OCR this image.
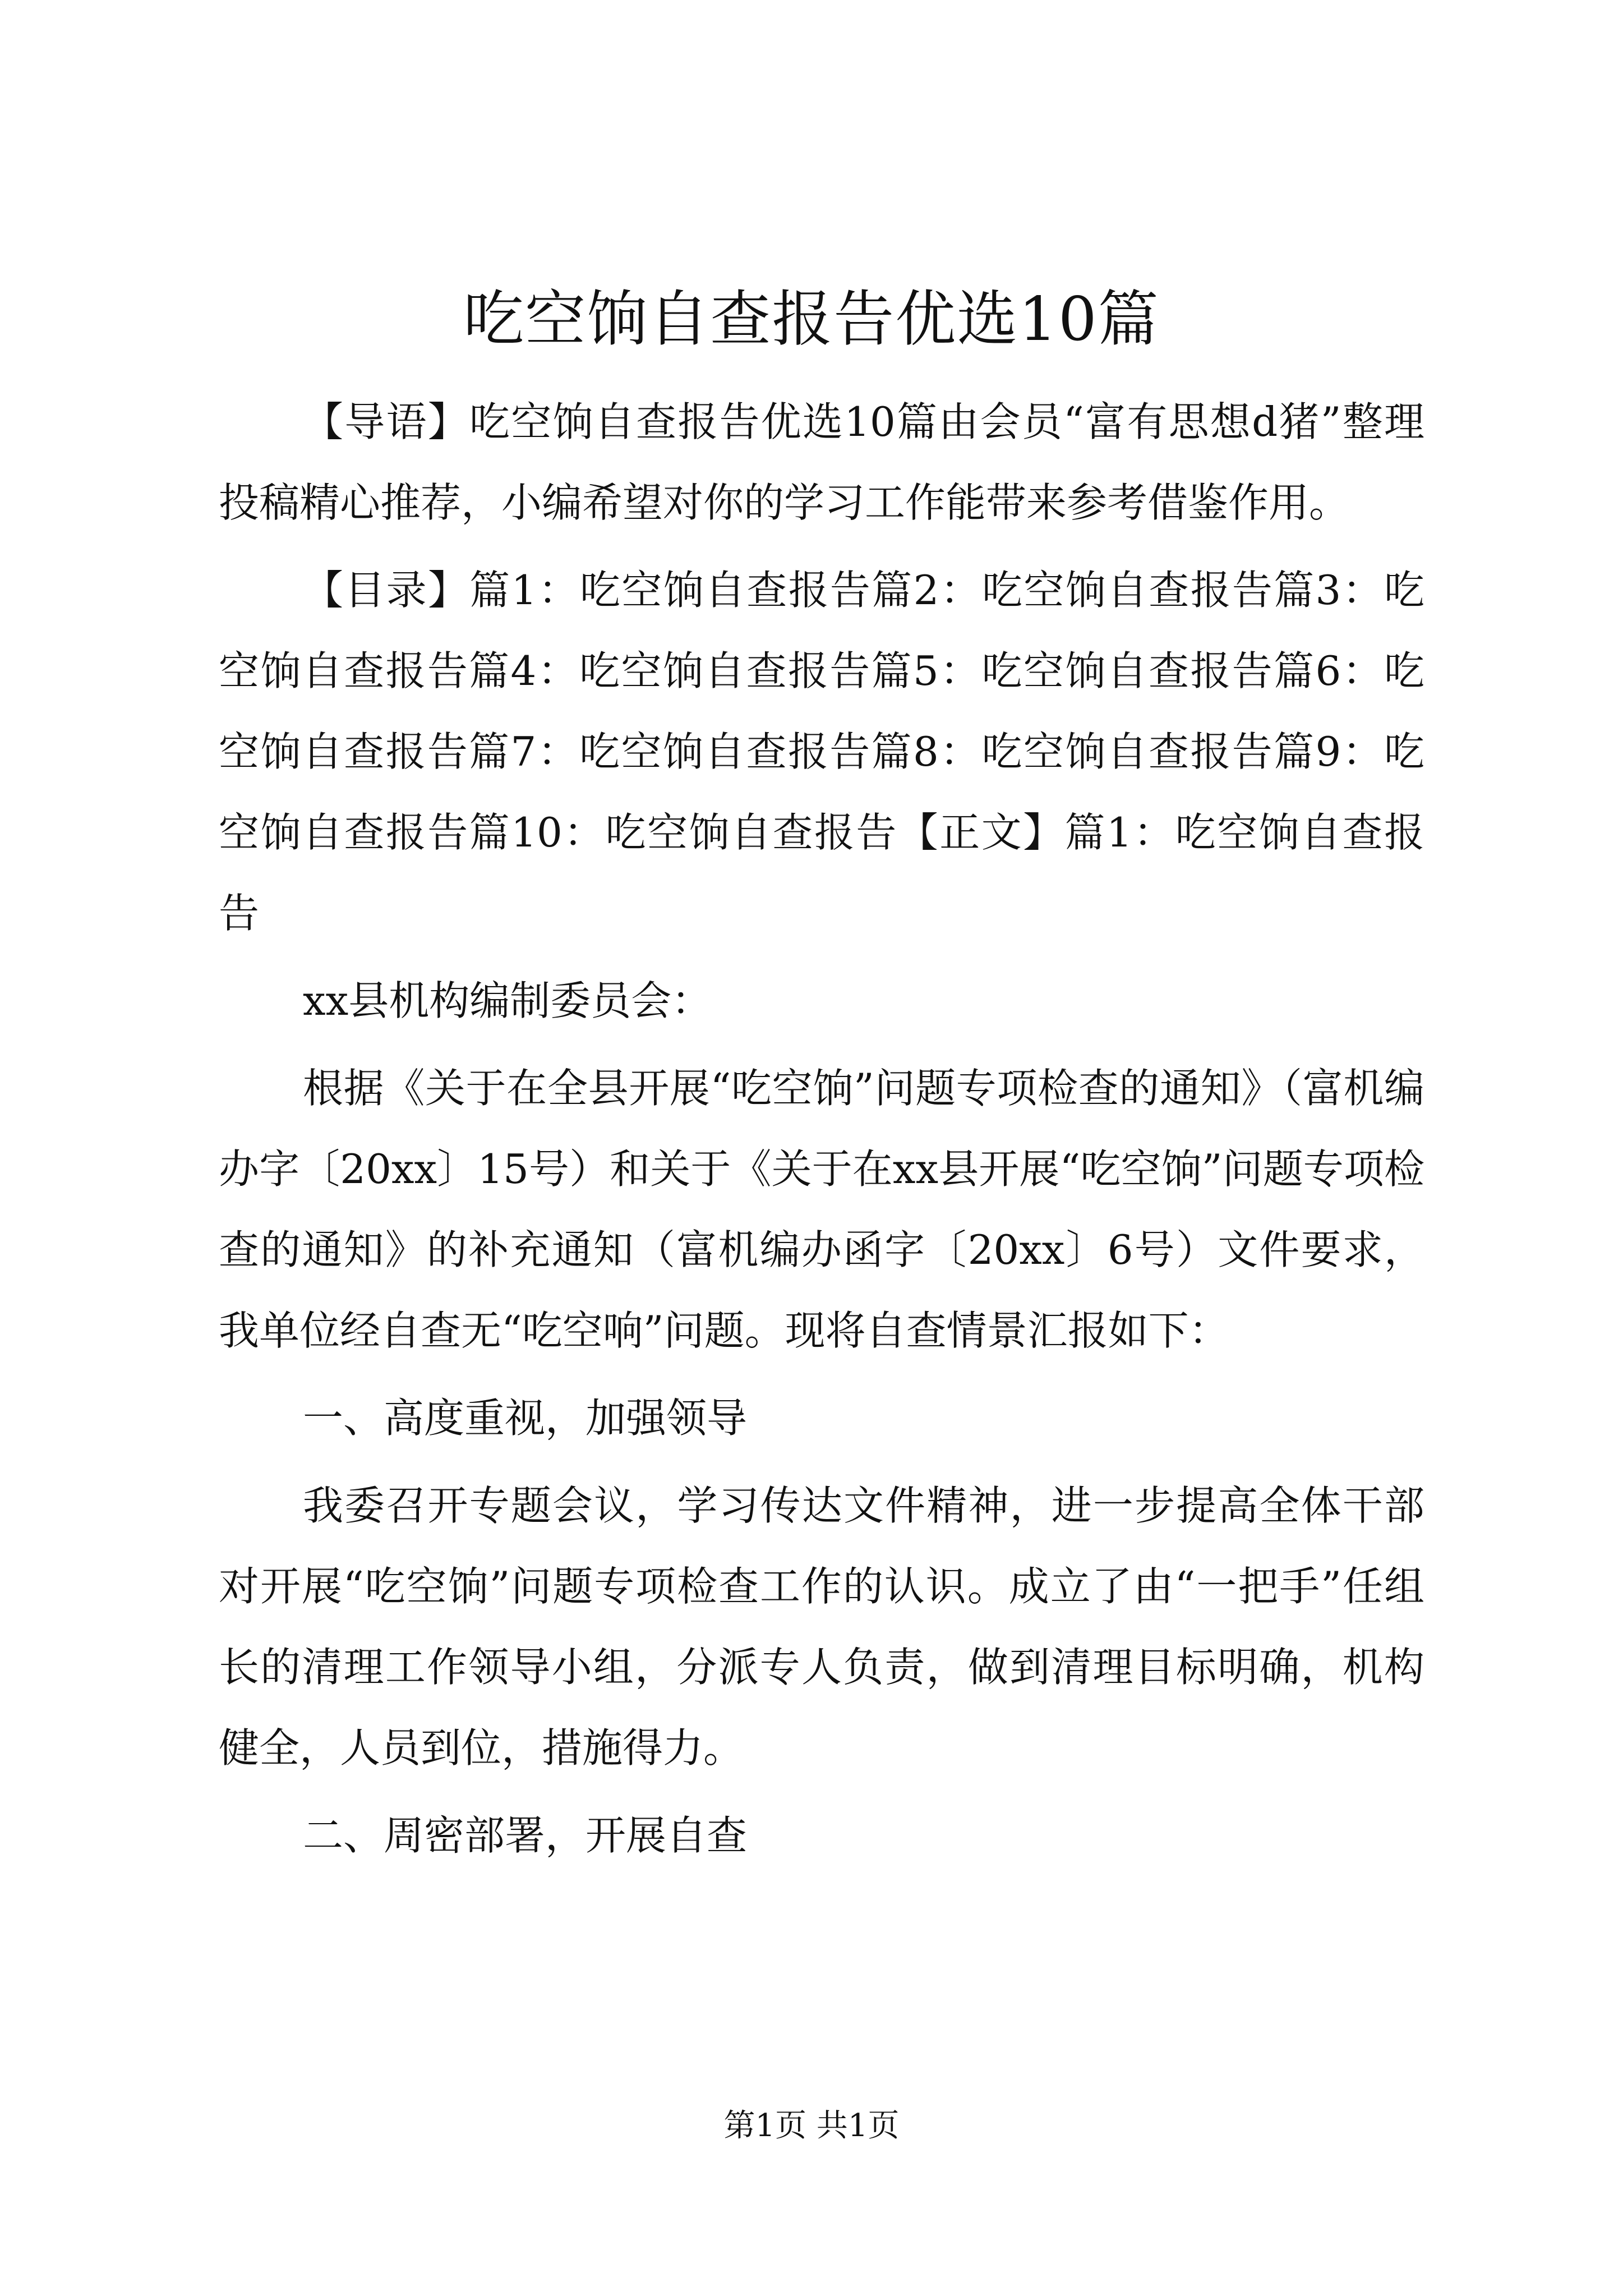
吃空饷自查报告优选10篇

【导语】吃空饷自查报告优选10篇由会员“富有思想d猪”整理投稿精心推荐，小编希望对你的学习工作能带来参考借鉴作用。

【目录】篇1：吃空饷自查报告篇2：吃空饷自查报告篇3：吃空饷自查报告篇4：吃空饷自查报告篇5：吃空饷自查报告篇6：吃空饷自查报告篇7：吃空饷自查报告篇8：吃空饷自查报告篇9：吃空饷自查报告篇10：吃空饷自查报告【正文】篇1：吃空饷自查报告

xx县机构编制委员会：

根据《关于在全县开展“吃空饷”问题专项检查的通知》（富机编办字〔20xx〕15号）和关于《关于在xx县开展“吃空饷”问题专项检查的通知》的补充通知（富机编办函字〔20xx〕6号）文件要求，我单位经自查无“吃空响”问题。现将自查情景汇报如下：

一、高度重视，加强领导

我委召开专题会议，学习传达文件精神，进一步提高全体干部对开展“吃空饷”问题专项检查工作的认识。成立了由“一把手”任组长的清理工作领导小组，分派专人负责，做到清理目标明确，机构健全，人员到位，措施得力。

二、周密部署，开展自查

第1页 共1页
